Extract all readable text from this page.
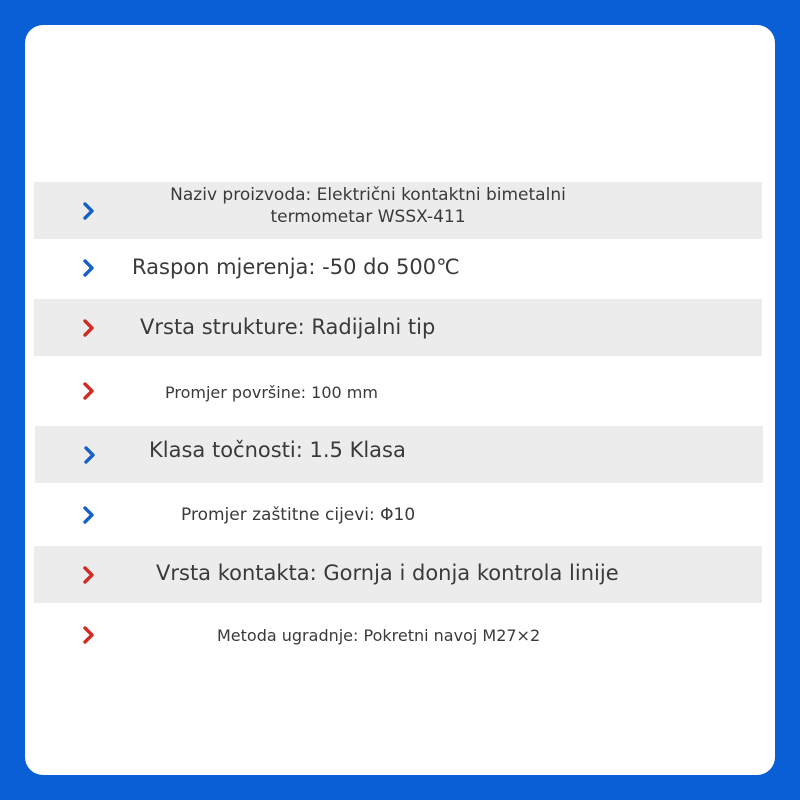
Naziv proizvoda: Električni kontaktni bimetalni termometar WSSX-411
Raspon mjerenja: -50 do 500℃
Vrsta strukture: Radijalni tip
Promjer površine: 100 mm
Klasa točnosti: 1.5 Klasa
Promjer zaštitne cijevi: Φ10
Vrsta kontakta: Gornja i donja kontrola linije
Metoda ugradnje: Pokretni navoj M27×2
